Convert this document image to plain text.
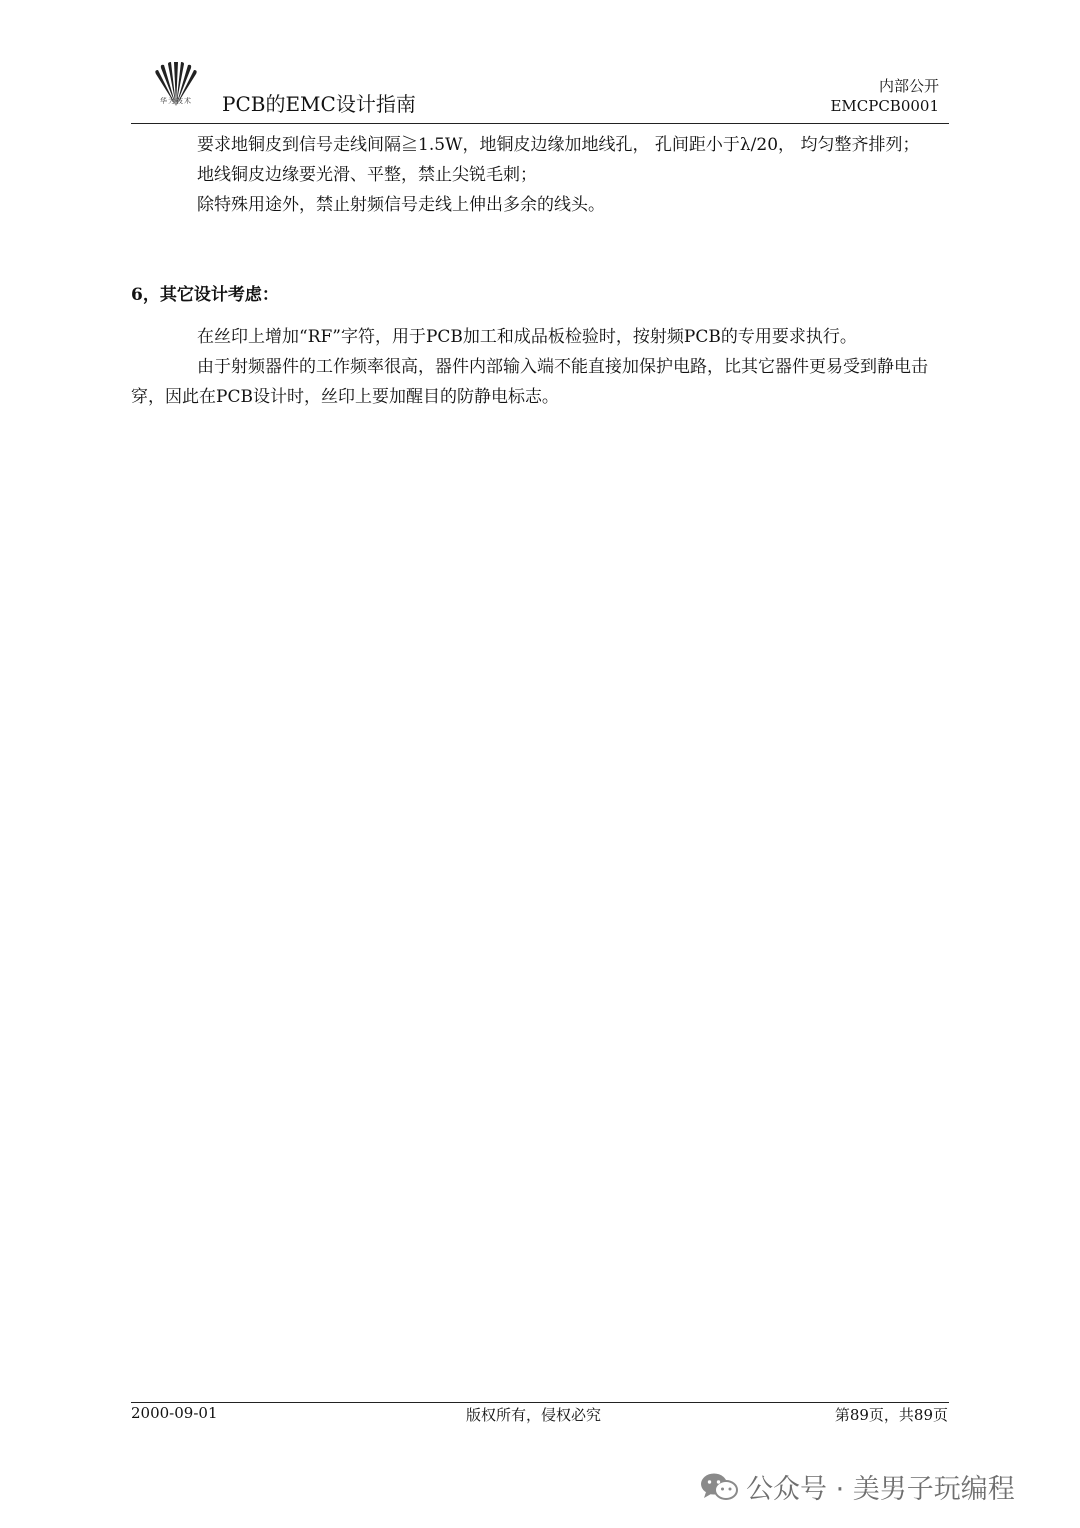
华为技术	PCB的EMC设计指南
内部公开
EMCPCB0001

要求地铜皮到信号走线间隔≧1.5W，地铜皮边缘加地线孔， 孔间距小于λ/20， 均匀整齐排列；

地线铜皮边缘要光滑、平整，禁止尖锐毛刺；

除特殊用途外，禁止射频信号走线上伸出多余的线头。

6，其它设计考虑：

在丝印上增加“RF”字符，用于PCB加工和成品板检验时，按射频PCB的专用要求执行。

由于射频器件的工作频率很高，器件内部输入端不能直接加保护电路，比其它器件更易受到静电击穿，因此在PCB设计时，丝印上要加醒目的防静电标志。

2000-09-01	版权所有，侵权必究	第89页，共89页
公众号 · 美男子玩编程
